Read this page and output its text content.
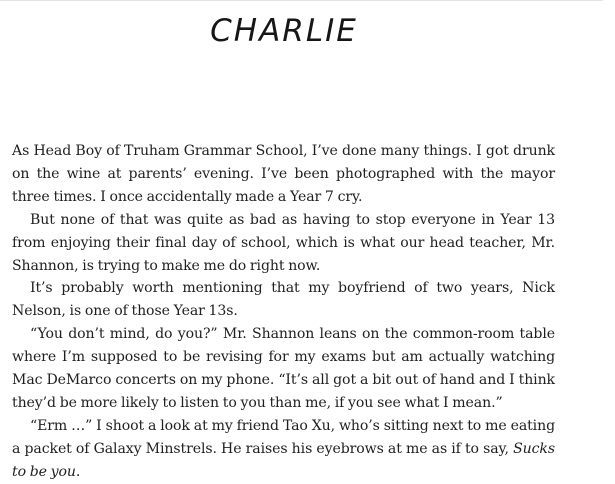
CHARLIE

As Head Boy of Truham Grammar School, I’ve done many things. I got drunk on the wine at parents’ evening. I’ve been photographed with the mayor three times. I once accidentally made a Year 7 cry.

But none of that was quite as bad as having to stop everyone in Year 13 from enjoying their final day of school, which is what our head teacher, Mr. Shannon, is trying to make me do right now.

It’s probably worth mentioning that my boyfriend of two years, Nick Nelson, is one of those Year 13s.

“You don’t mind, do you?” Mr. Shannon leans on the common-room table where I’m supposed to be revising for my exams but am actually watching Mac DeMarco concerts on my phone. “It’s all got a bit out of hand and I think they’d be more likely to listen to you than me, if you see what I mean.”

“Erm …” I shoot a look at my friend Tao Xu, who’s sitting next to me eating a packet of Galaxy Minstrels. He raises his eyebrows at me as if to say, Sucks to be you.
